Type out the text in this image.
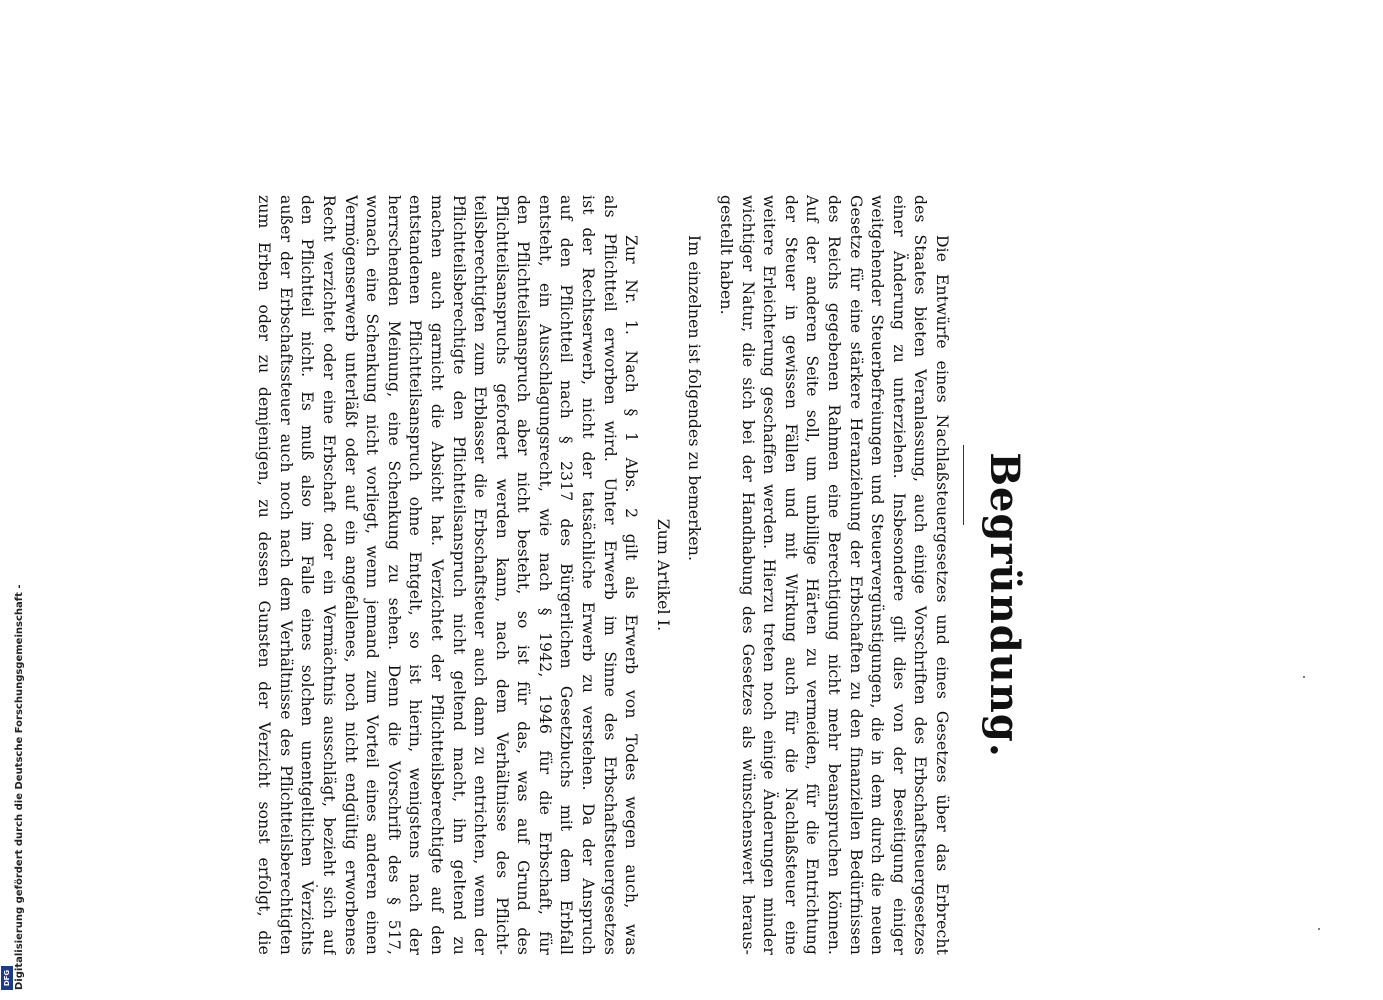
Begründung.
Die Entwürfe eines Nachlaßsteuergesetzes und eines Gesetzes über das Erbrecht
des Staates bieten Veranlassung, auch einige Vorschriften des Erbschaftsteuergesetzes
einer Änderung zu unterziehen. Insbesondere gilt dies von der Beseitigung einiger
weitgehender Steuerbefreiungen und Steuervergünstigungen, die in dem durch die neuen
Gesetze für eine stärkere Heranziehung der Erbschaften zu den finanziellen Bedürfnissen
des Reichs gegebenen Rahmen eine Berechtigung nicht mehr beanspruchen können.
Auf der anderen Seite soll, um unbillige Härten zu vermeiden, für die Entrichtung
der Steuer in gewissen Fällen und mit Wirkung auch für die Nachlaßsteuer eine
weitere Erleichterung geschaffen werden. Hierzu treten noch einige Änderungen minder
wichtiger Natur, die sich bei der Handhabung des Gesetzes als wünschenswert heraus-
gestellt haben.
Im einzelnen ist folgendes zu bemerken.
Zum Artikel I.
Zur Nr. 1. Nach § 1 Abs. 2 gilt als Erwerb von Todes wegen auch, was
als Pflichtteil erworben wird. Unter Erwerb im Sinne des Erbschaftsteuergesetzes
ist der Rechtserwerb, nicht der tatsächliche Erwerb zu verstehen. Da der Anspruch
auf den Pflichtteil nach § 2317 des Bürgerlichen Gesetzbuchs mit dem Erbfall
entsteht, ein Ausschlagungsrecht, wie nach § 1942, 1946 für die Erbschaft, für
den Pflichtteilsanspruch aber nicht besteht, so ist für das, was auf Grund des
Pflichtteilsanspruchs gefordert werden kann, nach dem Verhältnisse des Pflicht-
teilsberechtigten zum Erblasser die Erbschaftsteuer auch dann zu entrichten, wenn der
Pflichtteilsberechtigte den Pflichtteilsanspruch nicht geltend macht, ihn geltend zu
machen auch garnicht die Absicht hat. Verzichtet der Pflichtteilsberechtigte auf den
entstandenen Pflichtteilsanspruch ohne Entgelt, so ist hierin, wenigstens nach der
herrschenden Meinung, eine Schenkung zu sehen. Denn die Vorschrift des § 517,
wonach eine Schenkung nicht vorliegt, wenn jemand zum Vorteil eines anderen einen
Vermögenserwerb unterläßt oder auf ein angefallenes, noch nicht endgültig erworbenes
Recht verzichtet oder eine Erbschaft oder ein Vermächtnis ausschlägt, bezieht sich auf
den Pflichtteil nicht. Es muß also im Falle eines solchen unentgeltlichen Verzichts
außer der Erbschaftssteuer auch noch nach dem Verhältnisse des Pflichtteilsberechtigten
zum Erben oder zu demjenigen, zu dessen Gunsten der Verzicht sonst erfolgt, die
Digitalisierung gefördert durch die Deutsche Forschungsgemeinschaft -
DFG
